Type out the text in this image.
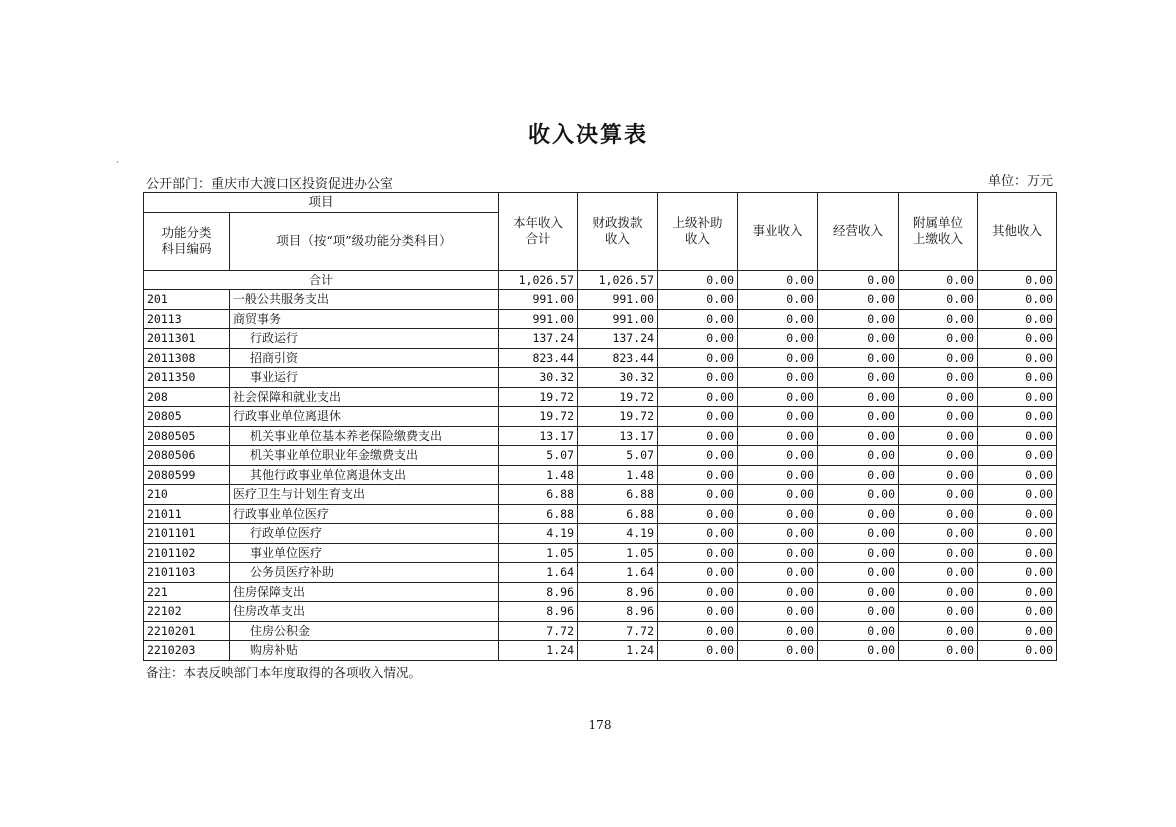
收入决算表
·
公开部门：重庆市大渡口区投资促进办公室	单位：万元
项目		本年收入合计	财政拨款收入	上级补助收入	事业收入	经营收入	附属单位上缴收入	其他收入

功能分类科目编码	项目（按“项”级功能分类科目）							
合计		1,026.57	1,026.57	0.00	0.00	0.00	0.00	0.00
201	一般公共服务支出	991.00	991.00	0.00	0.00	0.00	0.00	0.00
20113	商贸事务	991.00	991.00	0.00	0.00	0.00	0.00	0.00
2011301	行政运行	137.24	137.24	0.00	0.00	0.00	0.00	0.00
2011308	招商引资	823.44	823.44	0.00	0.00	0.00	0.00	0.00
2011350	事业运行	30.32	30.32	0.00	0.00	0.00	0.00	0.00
208	社会保障和就业支出	19.72	19.72	0.00	0.00	0.00	0.00	0.00
20805	行政事业单位离退休	19.72	19.72	0.00	0.00	0.00	0.00	0.00
2080505	机关事业单位基本养老保险缴费支出	13.17	13.17	0.00	0.00	0.00	0.00	0.00
2080506	机关事业单位职业年金缴费支出	5.07	5.07	0.00	0.00	0.00	0.00	0.00
2080599	其他行政事业单位离退休支出	1.48	1.48	0.00	0.00	0.00	0.00	0.00
210	医疗卫生与计划生育支出	6.88	6.88	0.00	0.00	0.00	0.00	0.00
21011	行政事业单位医疗	6.88	6.88	0.00	0.00	0.00	0.00	0.00
2101101	行政单位医疗	4.19	4.19	0.00	0.00	0.00	0.00	0.00
2101102	事业单位医疗	1.05	1.05	0.00	0.00	0.00	0.00	0.00
2101103	公务员医疗补助	1.64	1.64	0.00	0.00	0.00	0.00	0.00
221	住房保障支出	8.96	8.96	0.00	0.00	0.00	0.00	0.00
22102	住房改革支出	8.96	8.96	0.00	0.00	0.00	0.00	0.00
2210201	住房公积金	7.72	7.72	0.00	0.00	0.00	0.00	0.00
2210203	购房补贴	1.24	1.24	0.00	0.00	0.00	0.00	0.00
备注：本表反映部门本年度取得的各项收入情况。
178
